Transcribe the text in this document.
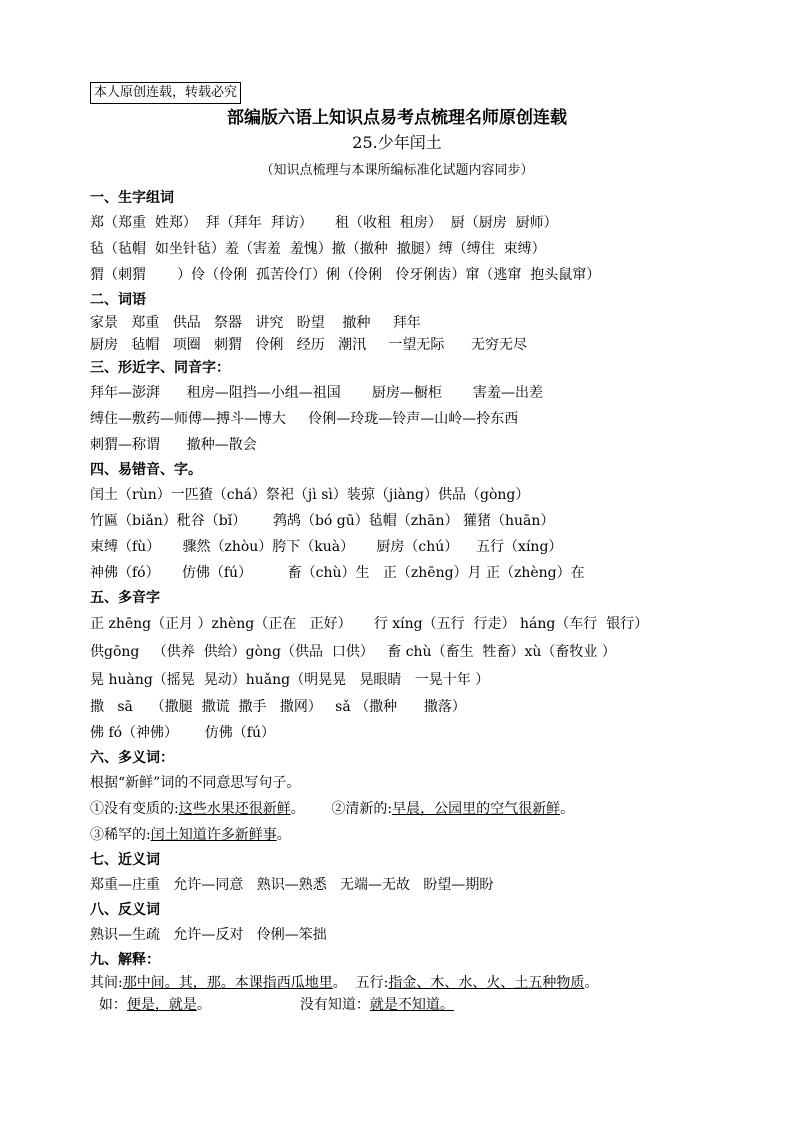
本人原创连载，转载必究
部编版六语上知识点易考点梳理名师原创连载
25.少年闰土
（知识点梳理与本课所编标准化试题内容同步）
一、生字组词
郑（郑重  姓郑）  拜（拜年  拜访）     租（收租  租房）  厨（厨房  厨师）
毡（毡帽  如坐针毡）羞（害羞  羞愧）撤（撤种  撤腿）缚（缚住  束缚）
猬（刺猬       ）伶（伶俐  孤苦伶仃）俐（伶俐   伶牙俐齿）窜（逃窜  抱头鼠窜）
二、词语
家景   郑重   供品   祭器   讲究   盼望    撤种     拜年
厨房   毡帽   项圈   刺猬   伶俐   经历   潮汛     一望无际      无穷无尽
三、形近字、同音字：
拜年—澎湃      租房—阻挡—小组—祖国       厨房—橱柜       害羞—出差
缚住—敷药—师傅—搏斗—博大     伶俐—玲珑—铃声—山岭—拎东西
刺猬—称谓      撤种—散会
四、易错音、字。
闰土（rùn）一匹猹（chá）祭祀（jì sì）装弶（jiàng）供品（gòng）
竹匾（biǎn）秕谷（bǐ）      鹁鸪（bó gū）毡帽（zhān） 獾猪（huān）
束缚（fù）     骤然（zhòu）胯下（kuà）     厨房（chú）    五行（xíng）
神佛（fó）     仿佛（fú）        畜（chù）生   正（zhēng）月 正（zhèng）在
五、多音字
正 zhēng（正月 ）zhèng（正在   正好）     行 xíng（五行  行走） háng（车行  银行）
供gōng   （供养  供给）gòng（供品  口供）   畜 chù（畜生  牲畜）xù（畜牧业 ）
晃 huàng（摇晃  晃动）huǎng（明晃晃   晃眼睛   一晃十年 ）
撒   sā    （撒腿  撒谎  撒手   撒网）   sǎ （撒种      撒落）
佛 fó（神佛）      仿佛（fú）
六、多义词：
根据“新鲜”词的不同意思写句子。
①没有变质的:这些水果还很新鲜。      ②清新的:早晨，公园里的空气很新鲜。
③稀罕的:闰土知道许多新鲜事。
七、近义词
郑重—庄重   允许—同意   熟识—熟悉   无端—无故   盼望—期盼
八、反义词
熟识—生疏   允许—反对   伶俐—笨拙
九、解释：
其间:那中间。其，那。本课指西瓜地里。  五行:指金、木、水、火、土五种物质。
如：便是，就是。                    没有知道：就是不知道。
